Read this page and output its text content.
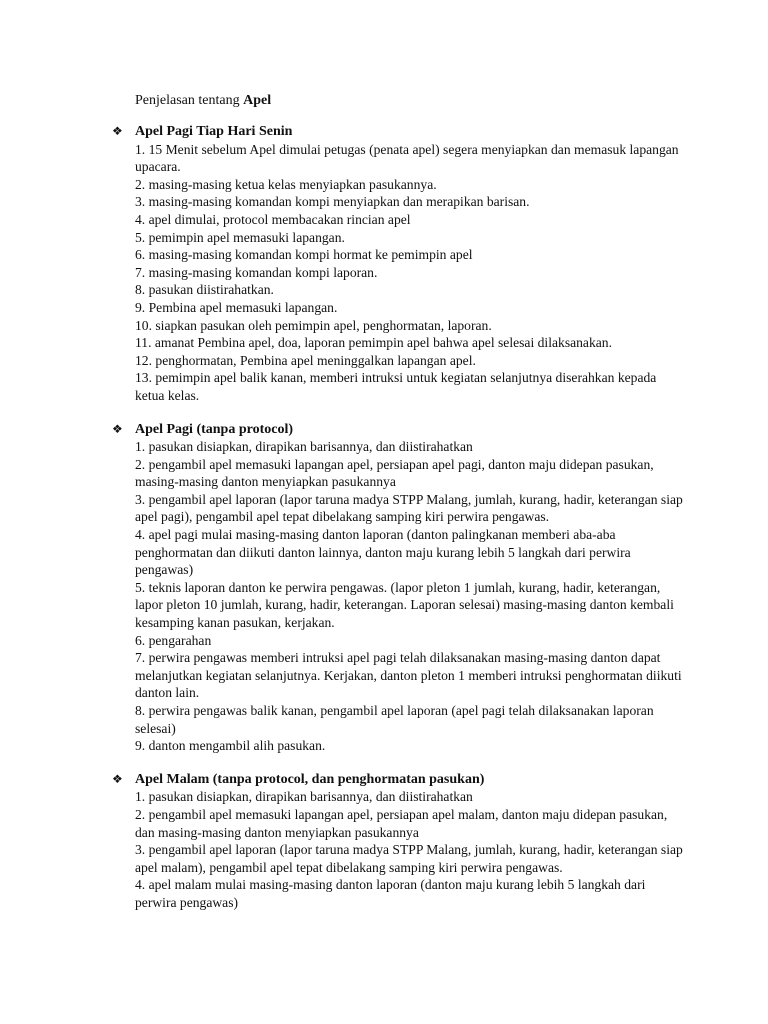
Penjelasan tentang Apel
❖ Apel Pagi Tiap Hari Senin
1. 15 Menit sebelum Apel dimulai petugas (penata apel) segera menyiapkan dan memasuk lapangan upacara.
2. masing-masing ketua kelas menyiapkan pasukannya.
3. masing-masing komandan kompi menyiapkan dan merapikan barisan.
4. apel dimulai, protocol membacakan rincian apel
5. pemimpin apel memasuki lapangan.
6. masing-masing komandan kompi hormat ke pemimpin apel
7. masing-masing komandan kompi laporan.
8. pasukan diistirahatkan.
9. Pembina apel memasuki lapangan.
10. siapkan pasukan oleh pemimpin apel, penghormatan, laporan.
11. amanat Pembina apel, doa, laporan pemimpin apel bahwa apel selesai dilaksanakan.
12. penghormatan, Pembina apel meninggalkan lapangan apel.
13. pemimpin apel balik kanan, memberi intruksi untuk kegiatan selanjutnya diserahkan kepada ketua kelas.
❖ Apel Pagi (tanpa protocol)
1. pasukan disiapkan, dirapikan barisannya, dan diistirahatkan
2. pengambil apel memasuki lapangan apel, persiapan apel pagi, danton maju didepan pasukan, masing-masing danton menyiapkan pasukannya
3. pengambil apel laporan (lapor taruna madya STPP Malang, jumlah, kurang, hadir, keterangan siap apel pagi), pengambil apel tepat dibelakang samping kiri perwira pengawas.
4. apel pagi mulai masing-masing danton laporan (danton palingkanan memberi aba-aba penghormatan dan diikuti danton lainnya, danton maju kurang lebih 5 langkah dari perwira pengawas)
5. teknis laporan danton ke perwira pengawas. (lapor pleton 1 jumlah, kurang, hadir, keterangan, lapor pleton 10 jumlah, kurang, hadir, keterangan. Laporan selesai) masing-masing danton kembali kesamping kanan pasukan, kerjakan.
6. pengarahan
7. perwira pengawas memberi intruksi apel pagi telah dilaksanakan masing-masing danton dapat melanjutkan kegiatan selanjutnya. Kerjakan, danton pleton 1 memberi intruksi penghormatan diikuti danton lain.
8. perwira pengawas balik kanan, pengambil apel laporan (apel pagi telah dilaksanakan laporan selesai)
9. danton mengambil alih pasukan.
❖ Apel Malam (tanpa protocol, dan penghormatan pasukan)
1. pasukan disiapkan, dirapikan barisannya, dan diistirahatkan
2. pengambil apel memasuki lapangan apel, persiapan apel malam, danton maju didepan pasukan, dan masing-masing danton menyiapkan pasukannya
3. pengambil apel laporan (lapor taruna madya STPP Malang, jumlah, kurang, hadir, keterangan siap apel malam), pengambil apel tepat dibelakang samping kiri perwira pengawas.
4. apel malam mulai masing-masing danton laporan (danton maju kurang lebih 5 langkah dari perwira pengawas)
